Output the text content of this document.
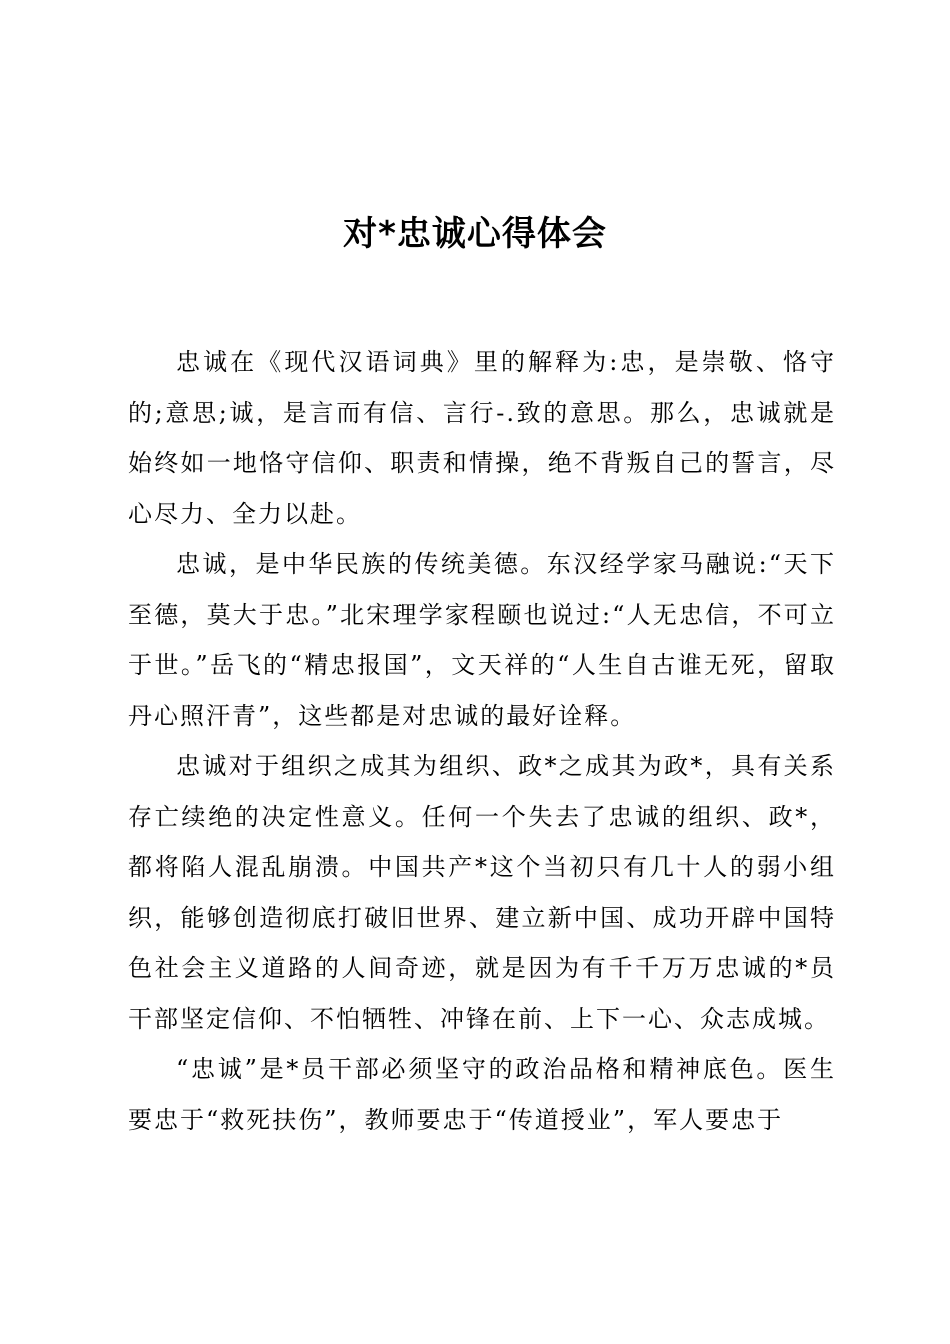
对*忠诚心得体会

忠诚在《现代汉语词典》里的解释为:忠，是崇敬、恪守的;意思;诚，是言而有信、言行-.致的意思。那么，忠诚就是始终如一地恪守信仰、职责和情操，绝不背叛自己的誓言，尽心尽力、全力以赴。

忠诚，是中华民族的传统美德。东汉经学家马融说:“天下至德，莫大于忠。”北宋理学家程颐也说过:“人无忠信，不可立于世。”岳飞的“精忠报国”，文天祥的“人生自古谁无死，留取丹心照汗青”，这些都是对忠诚的最好诠释。

忠诚对于组织之成其为组织、政*之成其为政*，具有关系存亡续绝的决定性意义。任何一个失去了忠诚的组织、政*，都将陷人混乱崩溃。中国共产*这个当初只有几十人的弱小组织，能够创造彻底打破旧世界、建立新中国、成功开辟中国特色社会主义道路的人间奇迹，就是因为有千千万万忠诚的*员干部坚定信仰、不怕牺牲、冲锋在前、上下一心、众志成城。

“忠诚”是*员干部必须坚守的政治品格和精神底色。医生要忠于“救死扶伤”，教师要忠于“传道授业”，军人要忠于
